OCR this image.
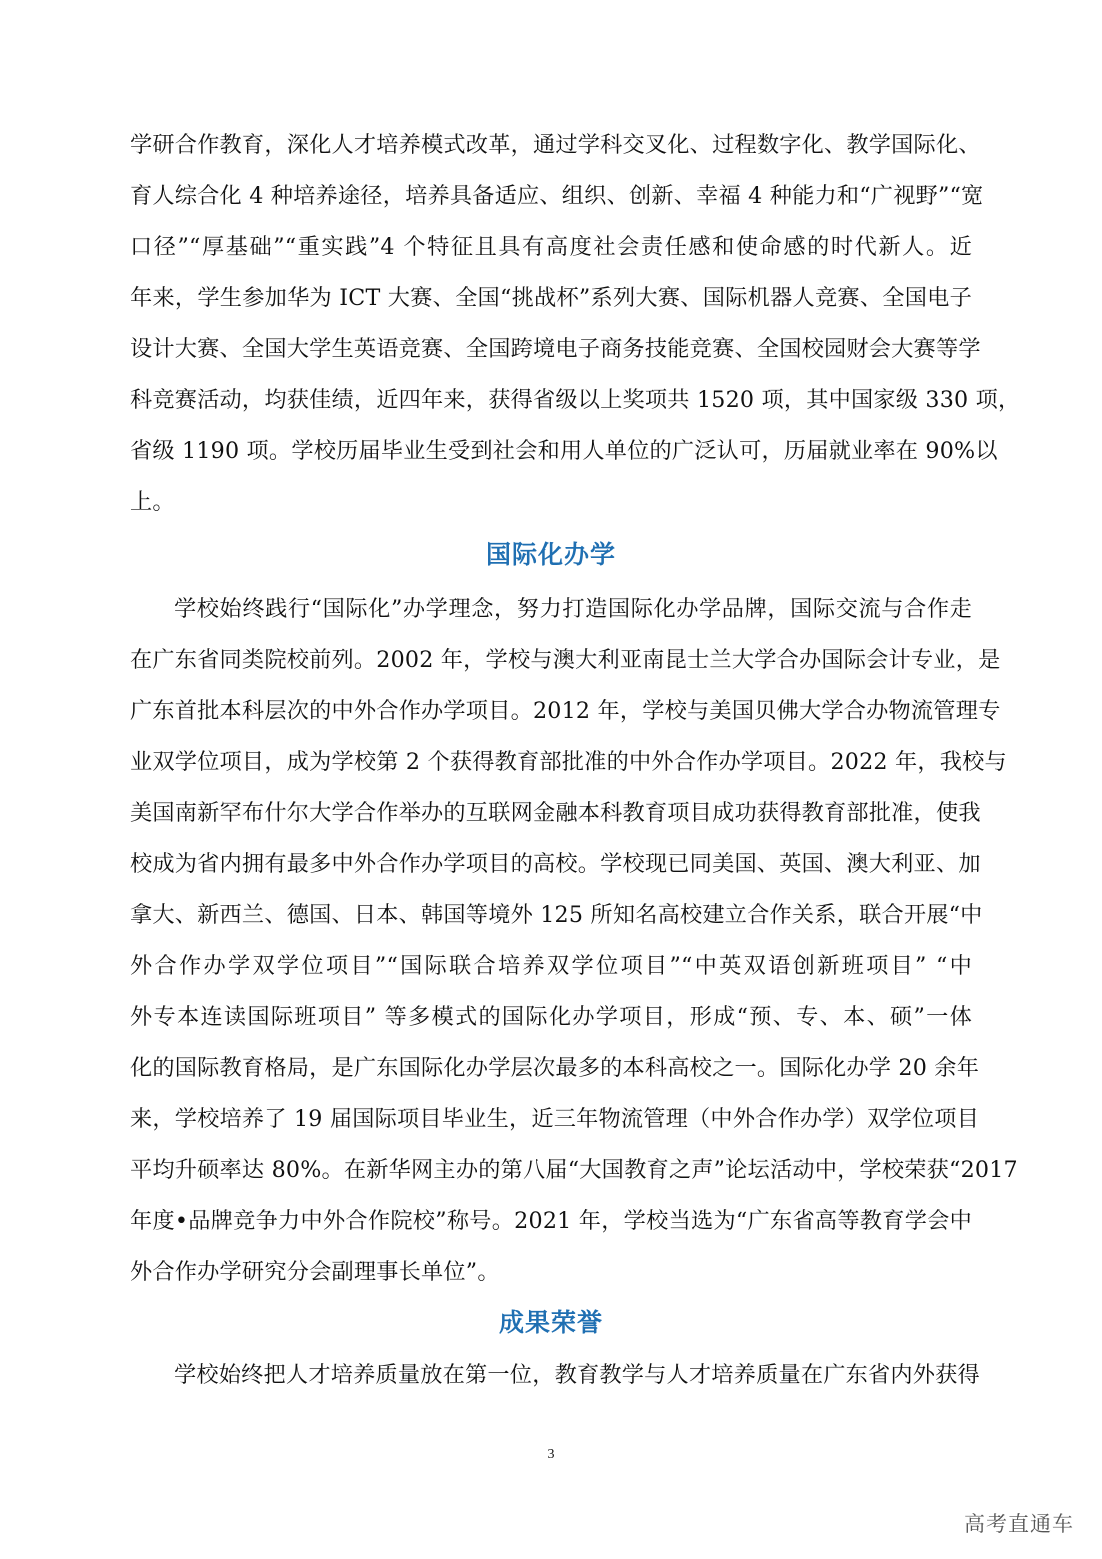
学研合作教育，深化人才培养模式改革，通过学科交叉化、过程数字化、教学国际化、
育人综合化 4 种培养途径，培养具备适应、组织、创新、幸福 4 种能力和“广视野”“宽
口径”“厚基础”“重实践”4 个特征且具有高度社会责任感和使命感的时代新人。近
年来，学生参加华为 ICT 大赛、全国“挑战杯”系列大赛、国际机器人竞赛、全国电子
设计大赛、全国大学生英语竞赛、全国跨境电子商务技能竞赛、全国校园财会大赛等学
科竞赛活动，均获佳绩，近四年来，获得省级以上奖项共 1520 项，其中国家级 330 项，
省级 1190 项。学校历届毕业生受到社会和用人单位的广泛认可，历届就业率在 90%以
上。
国际化办学
学校始终践行“国际化”办学理念，努力打造国际化办学品牌，国际交流与合作走
在广东省同类院校前列。2002 年，学校与澳大利亚南昆士兰大学合办国际会计专业，是
广东首批本科层次的中外合作办学项目。2012 年，学校与美国贝佛大学合办物流管理专
业双学位项目，成为学校第 2 个获得教育部批准的中外合作办学项目。2022 年，我校与
美国南新罕布什尔大学合作举办的互联网金融本科教育项目成功获得教育部批准，使我
校成为省内拥有最多中外合作办学项目的高校。学校现已同美国、英国、澳大利亚、加
拿大、新西兰、德国、日本、韩国等境外 125 所知名高校建立合作关系，联合开展“中
外合作办学双学位项目”“国际联合培养双学位项目”“中英双语创新班项目” “中
外专本连读国际班项目” 等多模式的国际化办学项目，形成“预、专、本、硕”一体
化的国际教育格局，是广东国际化办学层次最多的本科高校之一。国际化办学 20 余年
来，学校培养了 19 届国际项目毕业生，近三年物流管理（中外合作办学）双学位项目
平均升硕率达 80%。在新华网主办的第八届“大国教育之声”论坛活动中，学校荣获“2017
年度•品牌竞争力中外合作院校”称号。2021 年，学校当选为“广东省高等教育学会中
外合作办学研究分会副理事长单位”。
成果荣誉
学校始终把人才培养质量放在第一位，教育教学与人才培养质量在广东省内外获得
3
高考直通车
